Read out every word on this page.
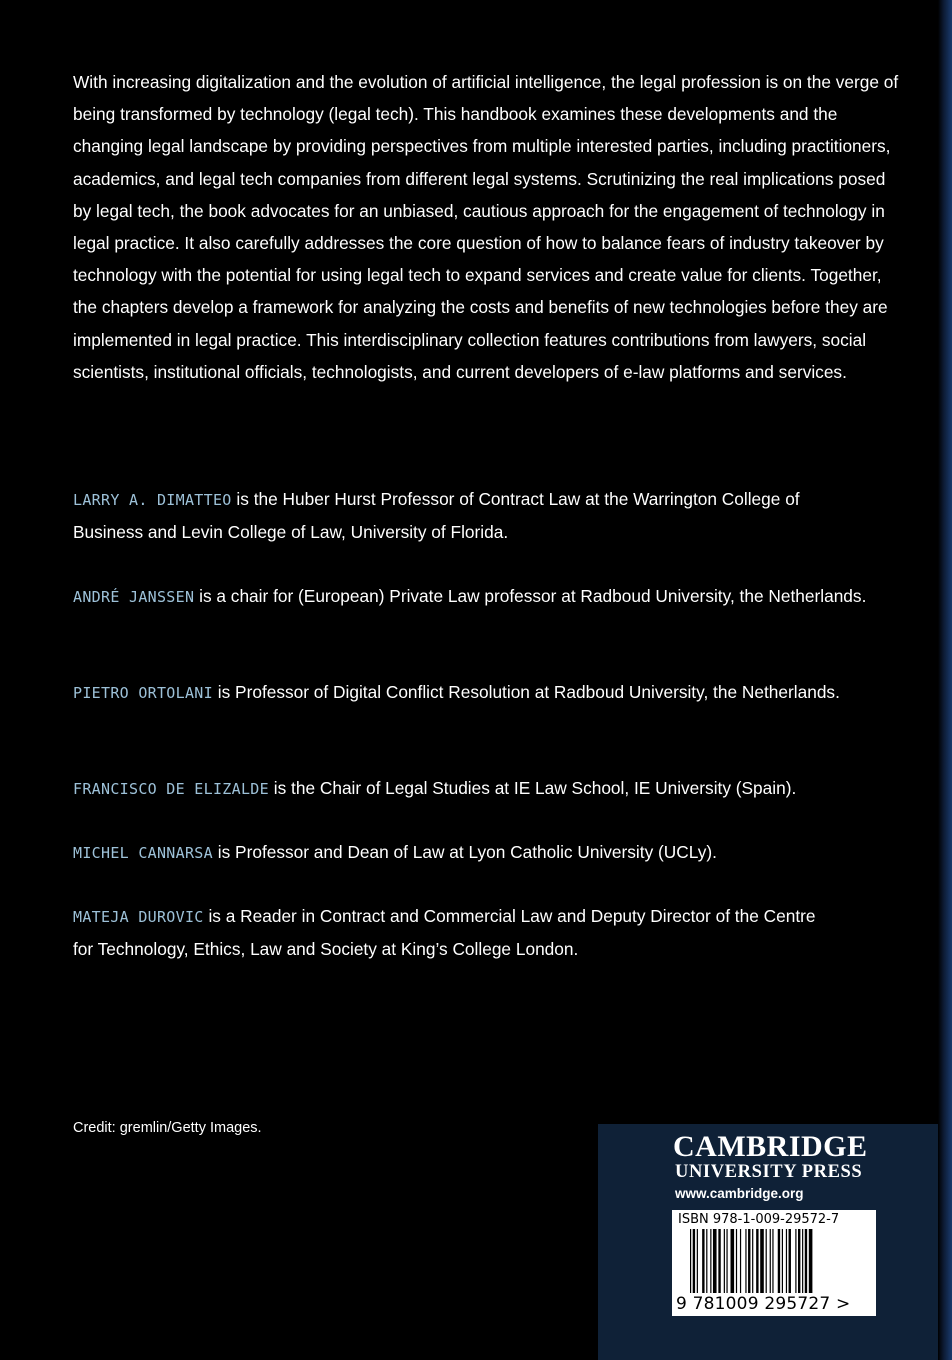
With increasing digitalization and the evolution of artificial intelligence, the legal profession is on the verge of being transformed by technology (legal tech). This handbook examines these developments and the changing legal landscape by providing perspectives from multiple interested parties, including practitioners, academics, and legal tech companies from different legal systems. Scrutinizing the real implications posed by legal tech, the book advocates for an unbiased, cautious approach for the engagement of technology in legal practice. It also carefully addresses the core question of how to balance fears of industry takeover by technology with the potential for using legal tech to expand services and create value for clients. Together, the chapters develop a framework for analyzing the costs and benefits of new technologies before they are implemented in legal practice. This interdisciplinary collection features contributions from lawyers, social scientists, institutional officials, technologists, and current developers of e-law platforms and services.

LARRY A. DIMATTEO is the Huber Hurst Professor of Contract Law at the Warrington College of Business and Levin College of Law, University of Florida.

ANDRÉ JANSSEN is a chair for (European) Private Law professor at Radboud University, the Netherlands.

PIETRO ORTOLANI is Professor of Digital Conflict Resolution at Radboud University, the Netherlands.

FRANCISCO DE ELIZALDE is the Chair of Legal Studies at IE Law School, IE University (Spain).

MICHEL CANNARSA is Professor and Dean of Law at Lyon Catholic University (UCLy).

MATEJA DUROVIC is a Reader in Contract and Commercial Law and Deputy Director of the Centre for Technology, Ethics, Law and Society at King’s College London.

Credit: gremlin/Getty Images.

CAMBRIDGE

UNIVERSITY PRESS

www.cambridge.org

ISBN 978-1-009-29572-7

9 781009 295727 >
